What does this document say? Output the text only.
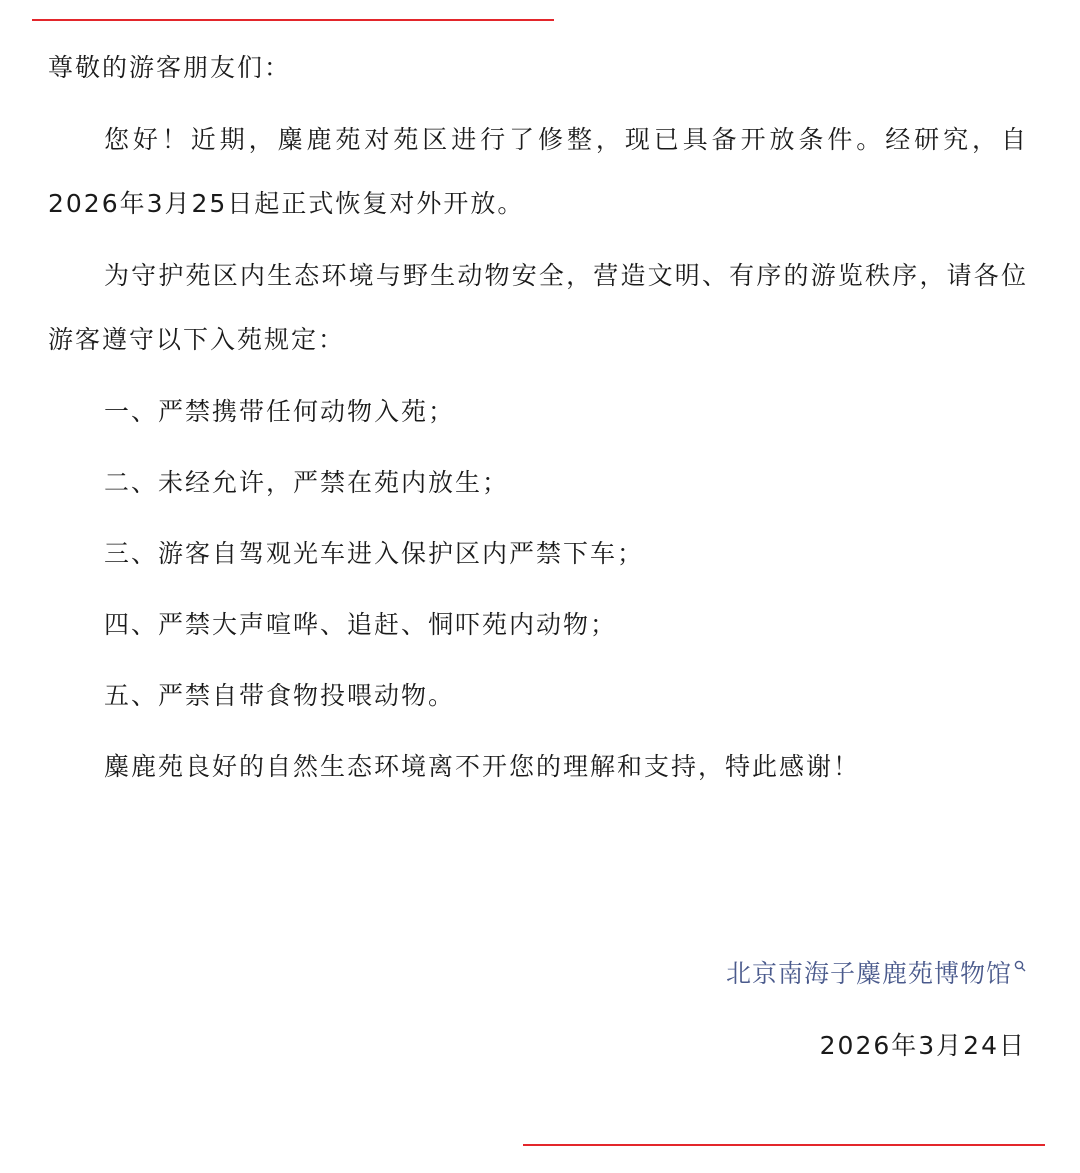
尊敬的游客朋友们：

您好！近期，麋鹿苑对苑区进行了修整，现已具备开放条件。经研究，自2026年3月25日起正式恢复对外开放。

为守护苑区内生态环境与野生动物安全，营造文明、有序的游览秩序，请各位游客遵守以下入苑规定：

一、严禁携带任何动物入苑；
二、未经允许，严禁在苑内放生；
三、游客自驾观光车进入保护区内严禁下车；
四、严禁大声喧哗、追赶、恫吓苑内动物；
五、严禁自带食物投喂动物。

麋鹿苑良好的自然生态环境离不开您的理解和支持，特此感谢！

北京南海子麋鹿苑博物馆
2026年3月24日
